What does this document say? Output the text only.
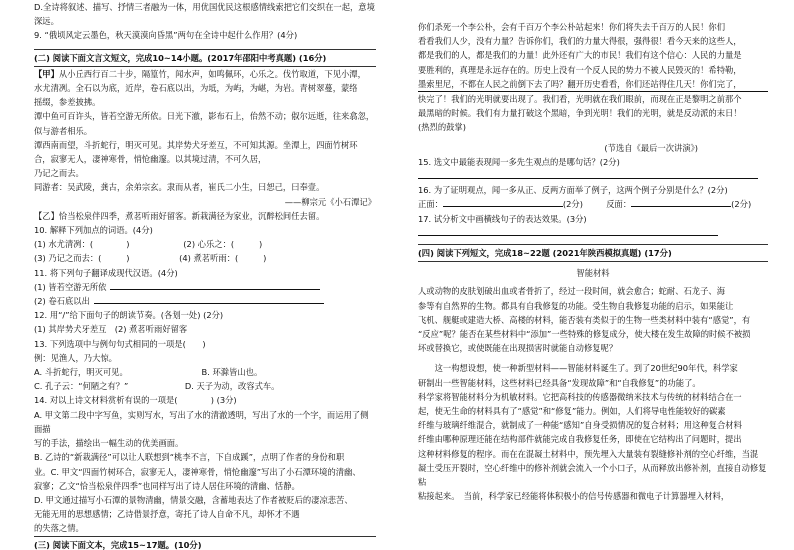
D.全诗将叙述、描写、抒情三者融为一体，用优国优民这根感情线索把它们交织在一起，意境深远。

9. “俄顷风定云墨色，秋天漠漠向昏黑”两句在全诗中起什么作用？(4分)

(二) 阅读下面文言文短文，完成10~14小题。(2017年邵阳中考真题) (16分)

【甲】从小丘西行百二十步，隔篁竹，闻水声，如鸣佩环，心乐之。伐竹取道，下见小潭，

水尤清冽。全石以为底，近岸，卷石底以出，为坻，为屿，为嵁，为岩。青树翠蔓，蒙络

摇缀，参差披拂。

潭中鱼可百许头，皆若空游无所依。日光下澈，影布石上，佁然不动；俶尔远逝，往来翕忽，

似与游者相乐。

潭西南而望，斗折蛇行，明灭可见。其岸势犬牙差互，不可知其源。坐潭上，四面竹树环

合，寂寥无人，凄神寒骨，悄怆幽邃。以其境过清，不可久居，

乃记之而去。

同游者：吴武陵，龚古，余弟宗玄。隶而从者，崔氏二小生，曰恕己，曰奉壹。

——柳宗元《小石潭记》

【乙】恰当松泉伴四季，煮茗听雨好留客。新栽满径为家业，沉醉松间任去留。

10. 解释下列加点的词语。(4分)

(1) 水尤清冽：(　　　　)	(2) 心乐之：(　　　)

(3) 乃记之而去：(　　　)	(4) 煮茗听雨：(　　　)

11. 将下列句子翻译成现代汉语。(4分)

(1) 皆若空游无所依

(2) 卷石底以出

12. 用“/”给下面句子的朗读节奏。(各划一处) (2分)

(1) 其岸势犬牙差互　(2) 煮茗听雨好留客

13. 下列选项中与例句句式相同的一项是(　　)

例：见渔人，乃大惊。

A. 斗折蛇行，明灭可见。	B. 环滁皆山也。

C. 孔子云：“何陋之有？”	D. 天子为动，改容式车。

14. 对以上诗文材料赏析有误的一项是(　　　　) (3分)

A. 甲文第二段中字写鱼，实则写水，写出了水的清澈透明，写出了水的一个字，而运用了侧面描

写的手法，描绘出一幅生动的优美画面。

B. 乙诗的“新栽满径”可以让人联想到“桃李不言，下自成蹊”，点明了作者的身份和职

业。C. 甲文“四面竹树环合，寂寥无人，凄神寒骨，悄怆幽邃”写出了小石潭环境的清幽、

寂寥；乙文“恰当松泉伴四季”也同样写出了诗人居住环境的清幽、恬静。

D. 甲文通过描写小石潭的景物清幽，情景交融，含蓄地表达了作者被贬后的凄凉悲苦、

无能无用的思想感情；乙诗借景抒意，寄托了诗人自命不凡，却怀才不遇

的失落之情。

(三) 阅读下面文本，完成15~17题。(10分)

你们杀死一个李公朴，会有千百万个李公朴站起来！你们将失去千百万的人民！你们

看看我们人少，没有力量？告诉你们，我们的力量大得很，强得很！看今天来的这些人，

都是我们的人，都是我们的力量！此外还有广大的市民！我们有这个信心：人民的力量是

要胜利的，真理是永远存在的。历史上没有一个反人民的势力不被人民毁灭的！希特勒，

墨索里尼，不都在人民之前倒下去了吗？翻开历史看看，你们还站得住几天！你们完了，

快完了！我们的光明就要出现了。我们看，光明就在我们眼前，而现在正是黎明之前那个

最黑暗的时候。我们有力量打破这个黑暗，争到光明！我们的光明，就是反动派的末日！

(热烈的鼓掌)

(节选自《最后一次讲演》)

15. 选文中最能表现闻一多先生观点的是哪句话？(2分)

16. 为了证明观点，闻一多从正、反两方面举了例子，这两个例子分别是什么？(2分)

正面：	(2分)	反面：	(2分)

17. 试分析文中画横线句子的表达效果。(3分)

(四) 阅读下列短文，完成18~22题 (2021年陕西模拟真题) (17分)

智能材料

人或动物的皮肤划破出血或者骨折了，经过一段时间，就会愈合；蛇耐、石龙子、海

参等有自然界的生物。都具有自我修复的功能。受生物自我修复功能的启示，如果能让

飞机、舰艇或建造大桥、高楼的材料，能否装有类似于的生物一些类材料中装有“感觉”，有

“反应”呢？能否在某些材料中“添加”一些特殊的修复成分，使大楼在发生故障的时候不被损

坏或替换它，或使既能在出现损害时就能自动修复呢？

这一构想设想，使一种新型材料——智能材料诞生了。到了20世纪90年代，科学家

研制出一些智能材料，这些材料已经具备“发现故障”和“自我修复”的功能了。

科学家将智能材料分为机敏材料。它把高科技的传感器微纳米技术与传统的材料结合在一

起，使无生命的材料具有了“感觉”和“修复”能力。例如，人们将导电性能较好的碳素

纤维与玻璃纤维混合，就制成了一种能“感知”自身受损情况的复合材料；用这种复合材料

纤维由哪种原理还能在结构部件就能完成自我修复任务，即使在它结构出了问题时，提出

这种材料修复的程序。而在在混凝土材料中，预先埋入大量装有裂缝修补剂的空心纤维，当混

凝土受压开裂时，空心纤维中的修补剂就会流入一个小口子，从而释放出修补剂，直接自动修复粘

粘接起来。　当前，科学家已经能将体积极小的信号传感器和微电子计算器埋入材料，
